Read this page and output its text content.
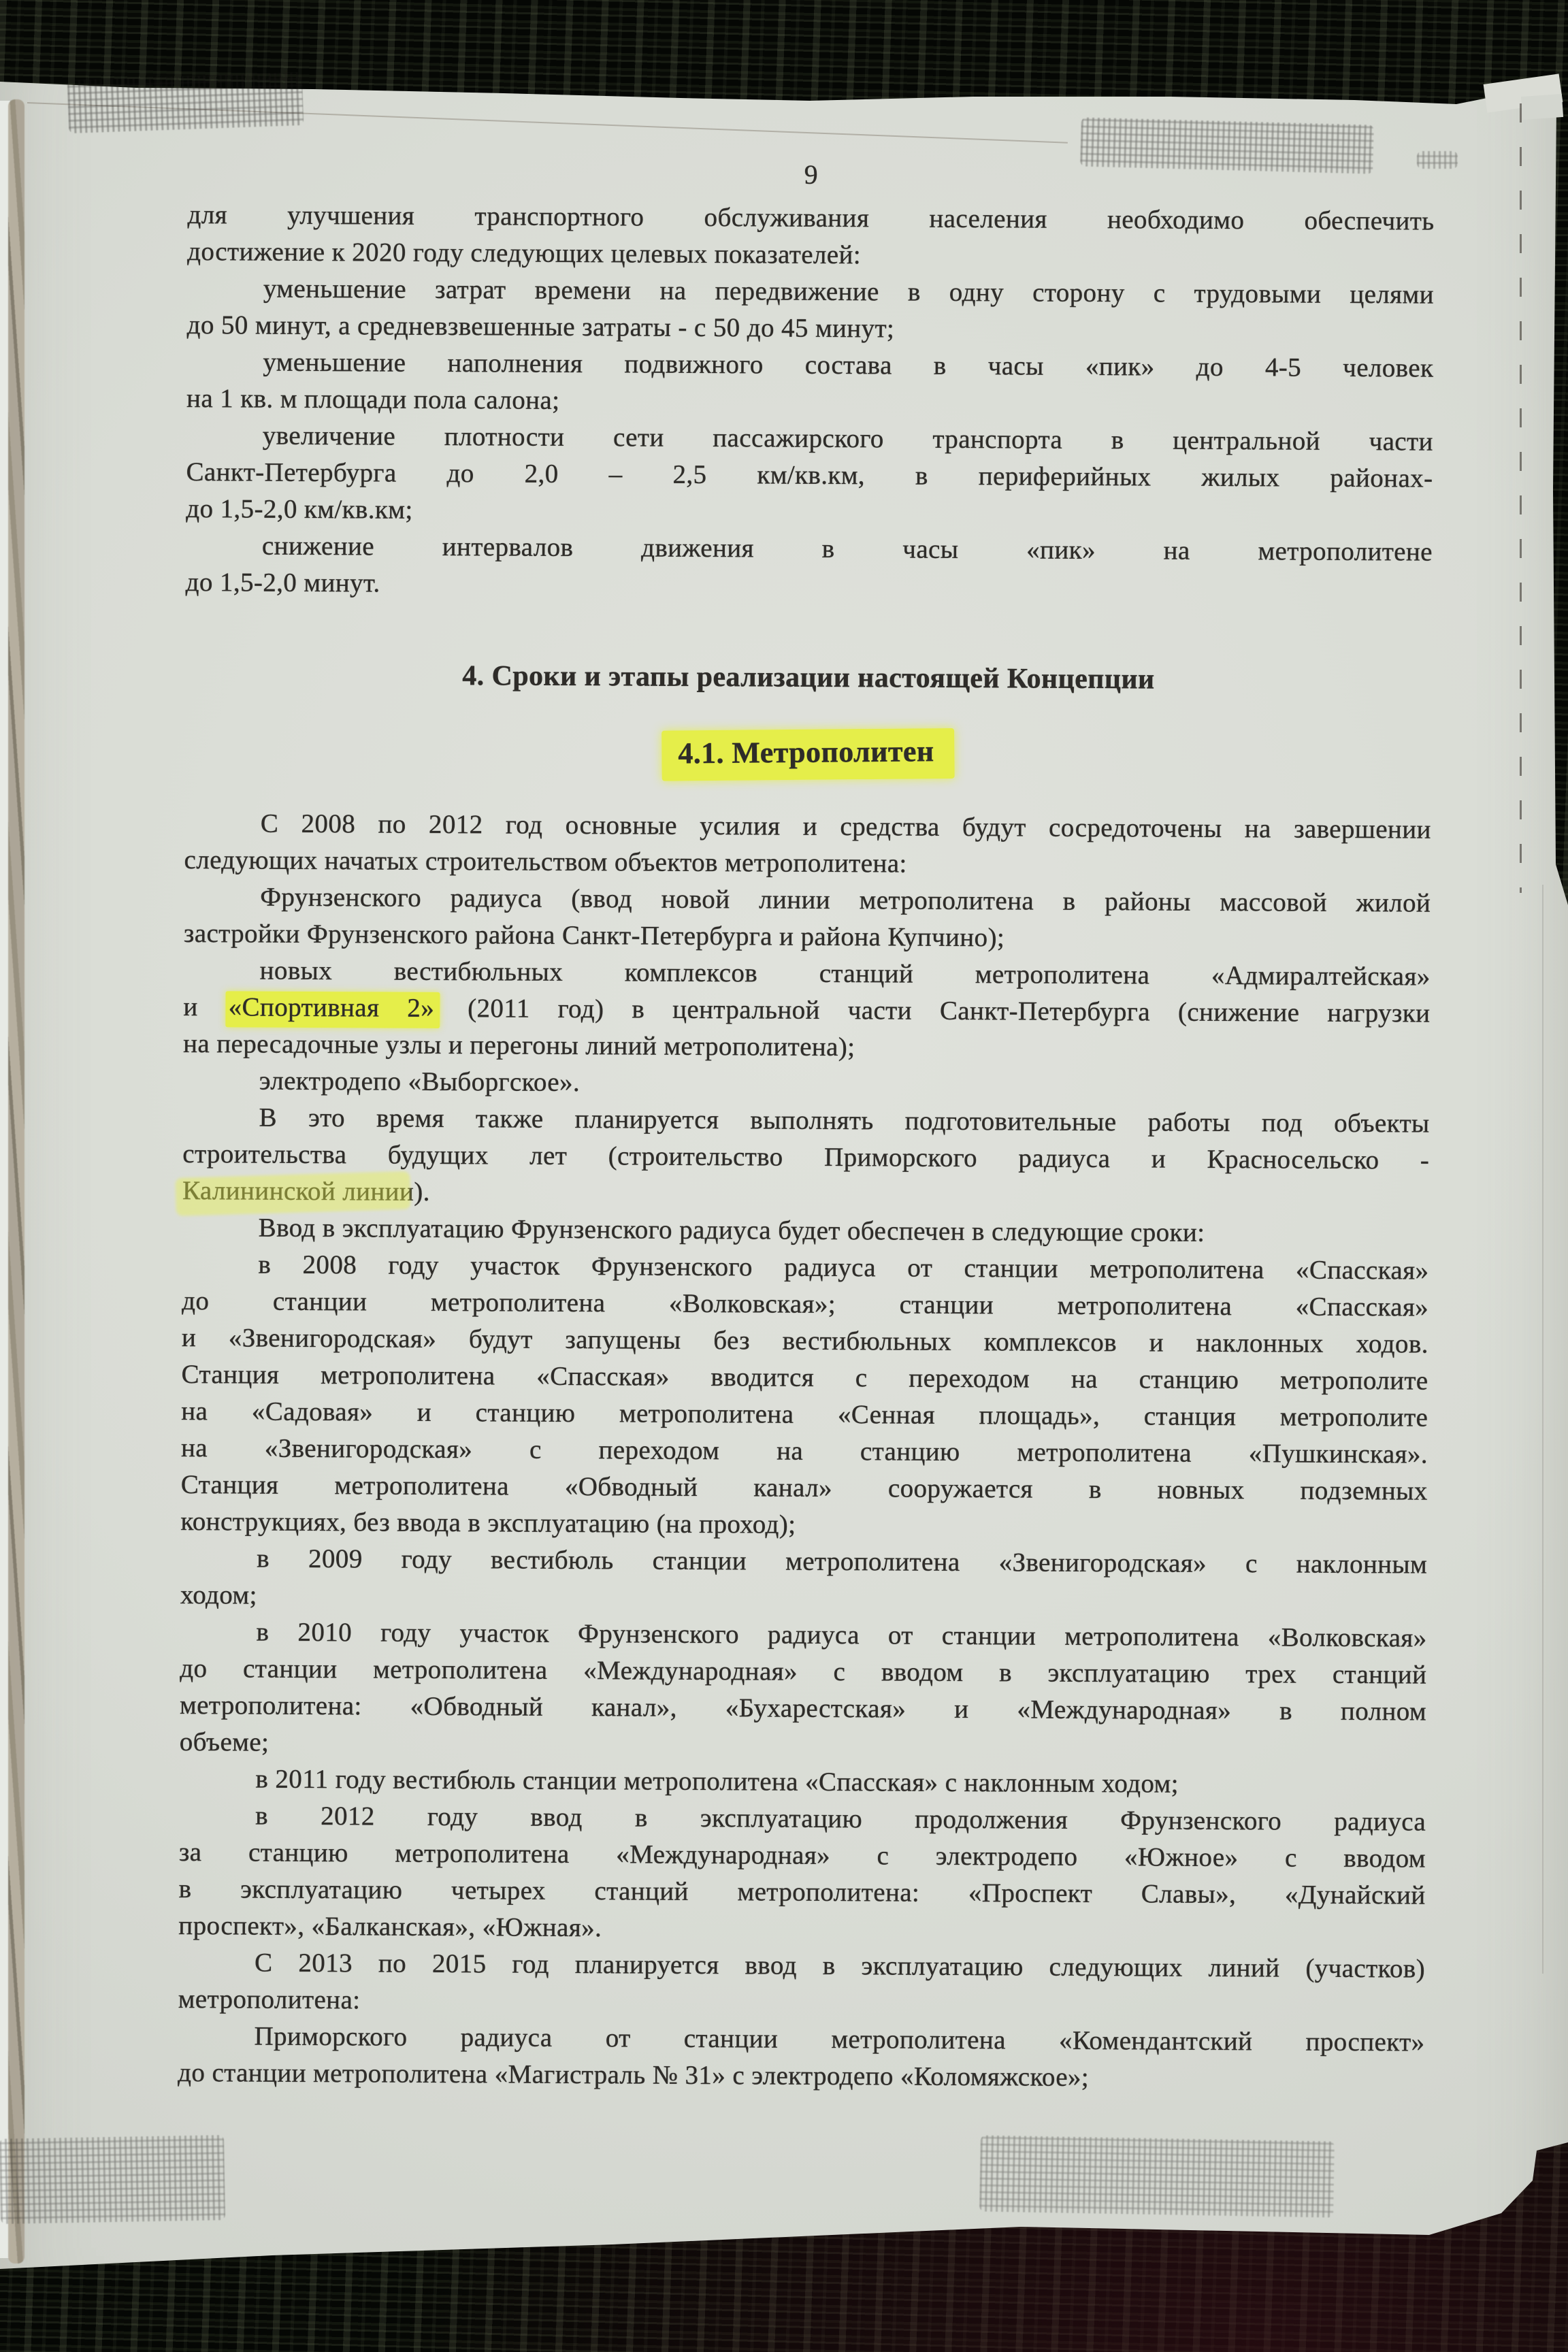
9
для улучшения транспортного обслуживания населения необходимо обеспечить
достижение к 2020 году следующих целевых показателей:
уменьшение затрат времени на передвижение в одну сторону с трудовыми целями
до 50 минут, а средневзвешенные затраты - с 50 до 45 минут;
уменьшение наполнения подвижного состава в часы «пик» до 4-5 человек
на 1 кв. м площади пола салона;
увеличение плотности сети пассажирского транспорта в центральной части
Санкт-Петербурга до 2,0 – 2,5 км/кв.км, в периферийных жилых районах-
до 1,5-2,0 км/кв.км;
снижение интервалов движения в часы «пик» на метрополитене
до 1,5-2,0 минут.
4. Сроки и этапы реализации настоящей Концепции
4.1. Метрополитен
С 2008 по 2012 год основные усилия и средства будут сосредоточены на завершении
следующих начатых строительством объектов метрополитена:
Фрунзенского радиуса (ввод новой линии метрополитена в районы массовой жилой
застройки Фрунзенского района Санкт-Петербурга и района Купчино);
новых вестибюльных комплексов станций метрополитена «Адмиралтейская»
и «Спортивная 2» (2011 год) в центральной части Санкт-Петербурга (снижение нагрузки
на пересадочные узлы и перегоны линий метрополитена);
электродепо «Выборгское».
В это время также планируется выполнять подготовительные работы под объекты
строительства будущих лет (строительство Приморского радиуса и Красносельско -
Калининской линии).
Ввод в эксплуатацию Фрунзенского радиуса будет обеспечен в следующие сроки:
в 2008 году участок Фрунзенского радиуса от станции метрополитена «Спасская»
до станции метрополитена «Волковская»; станции метрополитена «Спасская»
и «Звенигородская» будут запущены без вестибюльных комплексов и наклонных ходов.
Станция метрополитена «Спасская» вводится с переходом на станцию метрополите
на «Садовая» и станцию метрополитена «Сенная площадь», станция метрополите
на «Звенигородская» с переходом на станцию метрополитена «Пушкинская».
Станция метрополитена «Обводный канал» сооружается в новных подземных
конструкциях, без ввода в эксплуатацию (на проход);
в 2009 году вестибюль станции метрополитена «Звенигородская» с наклонным
ходом;
в 2010 году участок Фрунзенского радиуса от станции метрополитена «Волковская»
до станции метрополитена «Международная» с вводом в эксплуатацию трех станций
метрополитена: «Обводный канал», «Бухарестская» и «Международная» в полном
объеме;
в 2011 году вестибюль станции метрополитена «Спасская» с наклонным ходом;
в 2012 году ввод в эксплуатацию продолжения Фрунзенского радиуса
за станцию метрополитена «Международная» с электродепо «Южное» с вводом
в эксплуатацию четырех станций метрополитена: «Проспект Славы», «Дунайский
проспект», «Балканская», «Южная».
С 2013 по 2015 год планируется ввод в эксплуатацию следующих линий (участков)
метрополитена:
Приморского радиуса от станции метрополитена «Комендантский проспект»
до станции метрополитена «Магистраль № 31» с электродепо «Коломяжское»;
